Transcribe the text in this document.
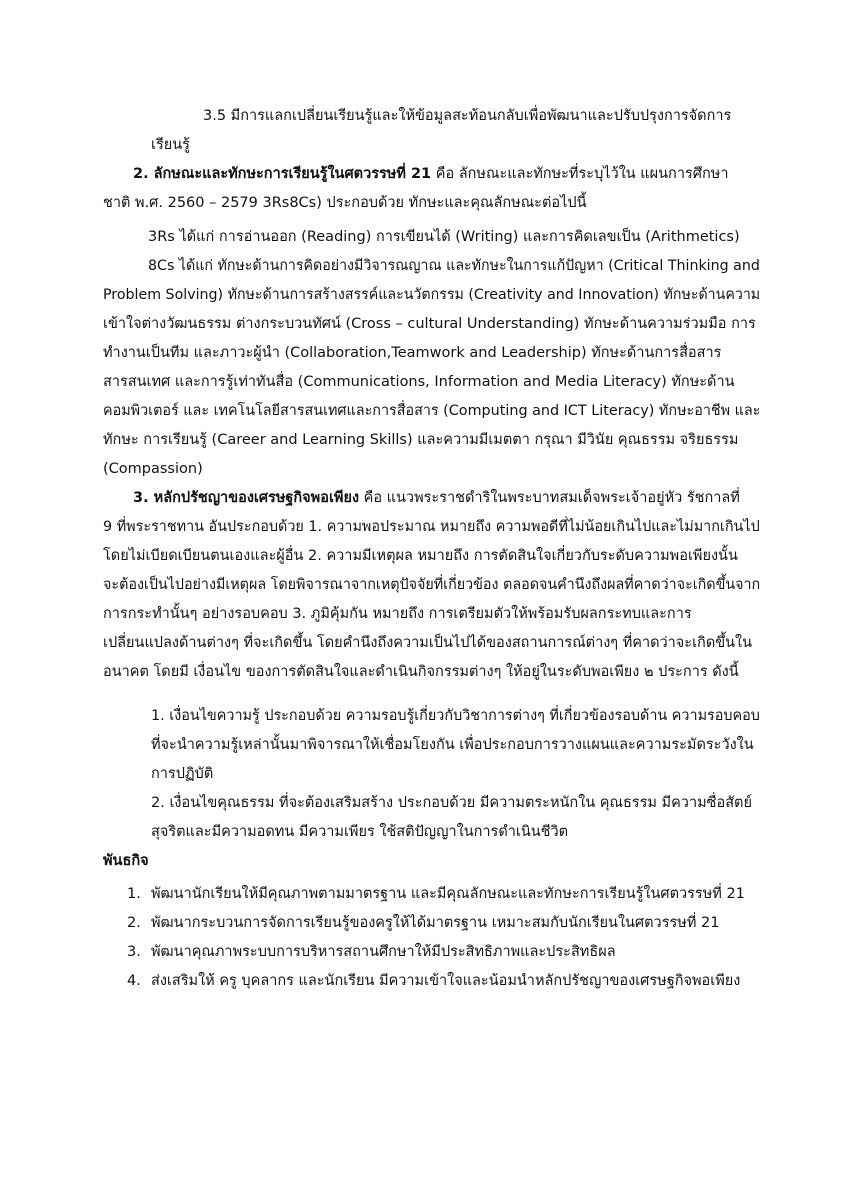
3.5 มีการแลกเปลี่ยนเรียนรู้และให้ข้อมูลสะท้อนกลับเพื่อพัฒนาและปรับปรุงการจัดการ
เรียนรู้
2. ลักษณะและทักษะการเรียนรู้ในศตวรรษที่ 21 คือ ลักษณะและทักษะที่ระบุไว้ใน แผนการศึกษา
ชาติ พ.ศ. 2560 – 2579 3Rs8Cs) ประกอบด้วย ทักษะและคุณลักษณะต่อไปนี้
3Rs ได้แก่ การอ่านออก (Reading) การเขียนได้ (Writing) และการคิดเลขเป็น (Arithmetics)
8Cs ได้แก่ ทักษะด้านการคิดอย่างมีวิจารณญาณ และทักษะในการแก้ปัญหา (Critical Thinking and
Problem Solving) ทักษะด้านการสร้างสรรค์และนวัตกรรม (Creativity and Innovation) ทักษะด้านความ
เข้าใจต่างวัฒนธรรม ต่างกระบวนทัศน์ (Cross – cultural Understanding) ทักษะด้านความร่วมมือ การ
ทำงานเป็นทีม และภาวะผู้นำ (Collaboration,Teamwork and Leadership) ทักษะด้านการสื่อสาร
สารสนเทศ และการรู้เท่าทันสื่อ (Communications, Information and Media Literacy) ทักษะด้าน
คอมพิวเตอร์ และ เทคโนโลยีสารสนเทศและการสื่อสาร (Computing and ICT Literacy) ทักษะอาชีพ และ
ทักษะ การเรียนรู้ (Career and Learning Skills) และความมีเมตตา กรุณา มีวินัย คุณธรรม จริยธรรม
(Compassion)
3. หลักปรัชญาของเศรษฐกิจพอเพียง คือ แนวพระราชดำริในพระบาทสมเด็จพระเจ้าอยู่หัว รัชกาลที่
9 ที่พระราชทาน อันประกอบด้วย 1. ความพอประมาณ หมายถึง ความพอดีที่ไม่น้อยเกินไปและไม่มากเกินไป
โดยไม่เบียดเบียนตนเองและผู้อื่น 2. ความมีเหตุผล หมายถึง การตัดสินใจเกี่ยวกับระดับความพอเพียงนั้น
จะต้องเป็นไปอย่างมีเหตุผล โดยพิจารณาจากเหตุปัจจัยที่เกี่ยวข้อง ตลอดจนคำนึงถึงผลที่คาดว่าจะเกิดขึ้นจาก
การกระทำนั้นๆ อย่างรอบคอบ 3. ภูมิคุ้มกัน หมายถึง การเตรียมตัวให้พร้อมรับผลกระทบและการ
เปลี่ยนแปลงด้านต่างๆ ที่จะเกิดขึ้น โดยคำนึงถึงความเป็นไปได้ของสถานการณ์ต่างๆ ที่คาดว่าจะเกิดขึ้นใน
อนาคต โดยมี เงื่อนไข ของการตัดสินใจและดำเนินกิจกรรมต่างๆ ให้อยู่ในระดับพอเพียง ๒ ประการ ดังนี้
1. เงื่อนไขความรู้ ประกอบด้วย ความรอบรู้เกี่ยวกับวิชาการต่างๆ ที่เกี่ยวข้องรอบด้าน ความรอบคอบ
ที่จะนำความรู้เหล่านั้นมาพิจารณาให้เชื่อมโยงกัน เพื่อประกอบการวางแผนและความระมัดระวังใน
การปฏิบัติ
2. เงื่อนไขคุณธรรม ที่จะต้องเสริมสร้าง ประกอบด้วย มีความตระหนักใน คุณธรรม มีความซื่อสัตย์
สุจริตและมีความอดทน มีความเพียร ใช้สติปัญญาในการดำเนินชีวิต
พันธกิจ
1. พัฒนานักเรียนให้มีคุณภาพตามมาตรฐาน และมีคุณลักษณะและทักษะการเรียนรู้ในศตวรรษที่ 21
2. พัฒนากระบวนการจัดการเรียนรู้ของครูให้ได้มาตรฐาน เหมาะสมกับนักเรียนในศตวรรษที่ 21
3. พัฒนาคุณภาพระบบการบริหารสถานศึกษาให้มีประสิทธิภาพและประสิทธิผล
4. ส่งเสริมให้ ครู บุคลากร และนักเรียน มีความเข้าใจและน้อมนำหลักปรัชญาของเศรษฐกิจพอเพียง
